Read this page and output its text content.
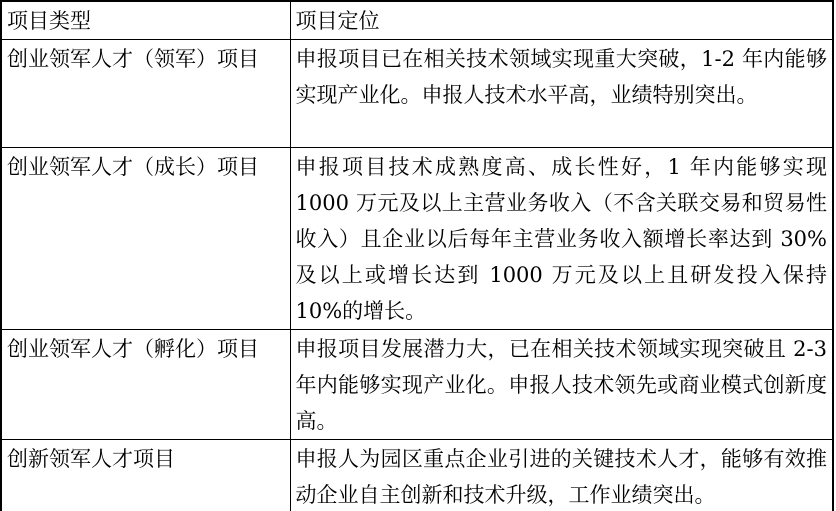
项目类型	项目定位
创业领军人才（领军）项目	申报项目已在相关技术领域实现重大突破，1-2 年内能够实现产业化。申报人技术水平高，业绩特别突出。
创业领军人才（成长）项目	申报项目技术成熟度高、成长性好，1 年内能够实现 1000 万元及以上主营业务收入（不含关联交易和贸易性收入）且企业以后每年主营业务收入额增长率达到 30%及以上或增长达到 1000 万元及以上且研发投入保持 10%的增长。
创业领军人才（孵化）项目	申报项目发展潜力大，已在相关技术领域实现突破且 2-3 年内能够实现产业化。申报人技术领先或商业模式创新度高。
创新领军人才项目	申报人为园区重点企业引进的关键技术人才，能够有效推动企业自主创新和技术升级，工作业绩突出。
